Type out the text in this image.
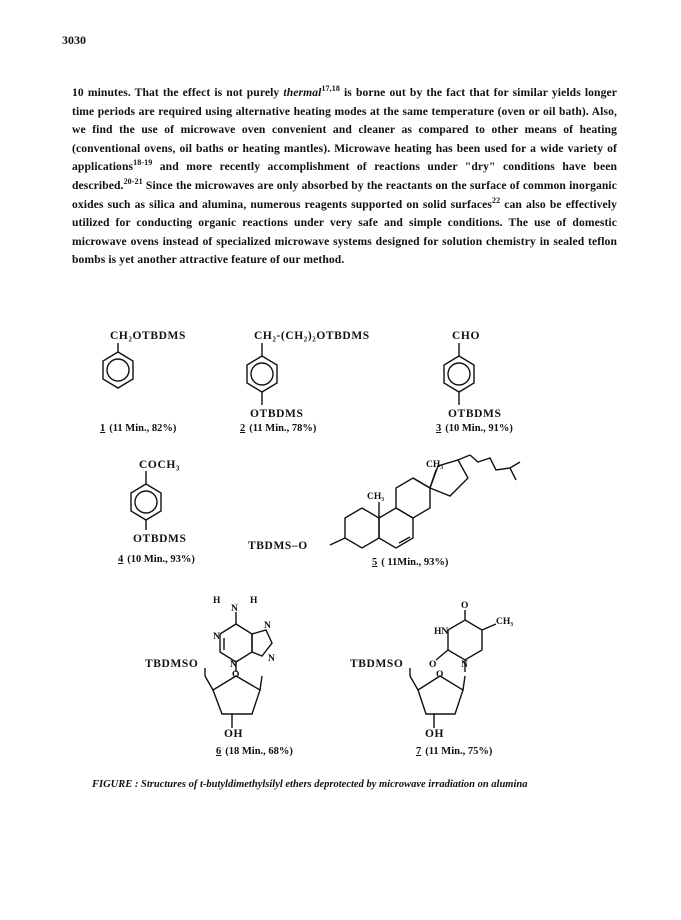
3030
10 minutes. That the effect is not purely thermal$^{17,18}$ is borne out by the fact that for similar yields longer time periods are required using alternative heating modes at the same temperature (oven or oil bath). Also, we find the use of microwave oven convenient and cleaner as compared to other means of heating (conventional ovens, oil baths or heating mantles). Microwave heating has been used for a wide variety of applications$^{18-19}$ and more recently accomplishment of reactions under "dry" conditions have been described.$^{20-21}$ Since the microwaves are only absorbed by the reactants on the surface of common inorganic oxides such as silica and alumina, numerous reagents supported on solid surfaces$^{22}$ can also be effectively utilized for conducting organic reactions under very safe and simple conditions. The use of domestic microwave ovens instead of specialized microwave systems designed for solution chemistry in sealed teflon bombs is yet another attractive feature of our method.
CH₂OTBDMS
1 (11 Min., 82%)
CH₂-(CH₂)₂OTBDMS
OTBDMS
2 (11 Min., 78%)
CHO
OTBDMS
3 (10 Min., 91%)
COCH₃
OTBDMS
4 (10 Min., 93%)
TBDMS–O
CH₃
CH₃
5 ( 11Min., 93%)
H
N
H
N
N
N
N
O
TBDMSO
OH
6 (18 Min., 68%)
O
CH₃
HN
O	N
O
TBDMSO
OH
7 (11 Min., 75%)
FIGURE : Structures of t-butyldimethylsilyl ethers deprotected by microwave irradiation on alumina
